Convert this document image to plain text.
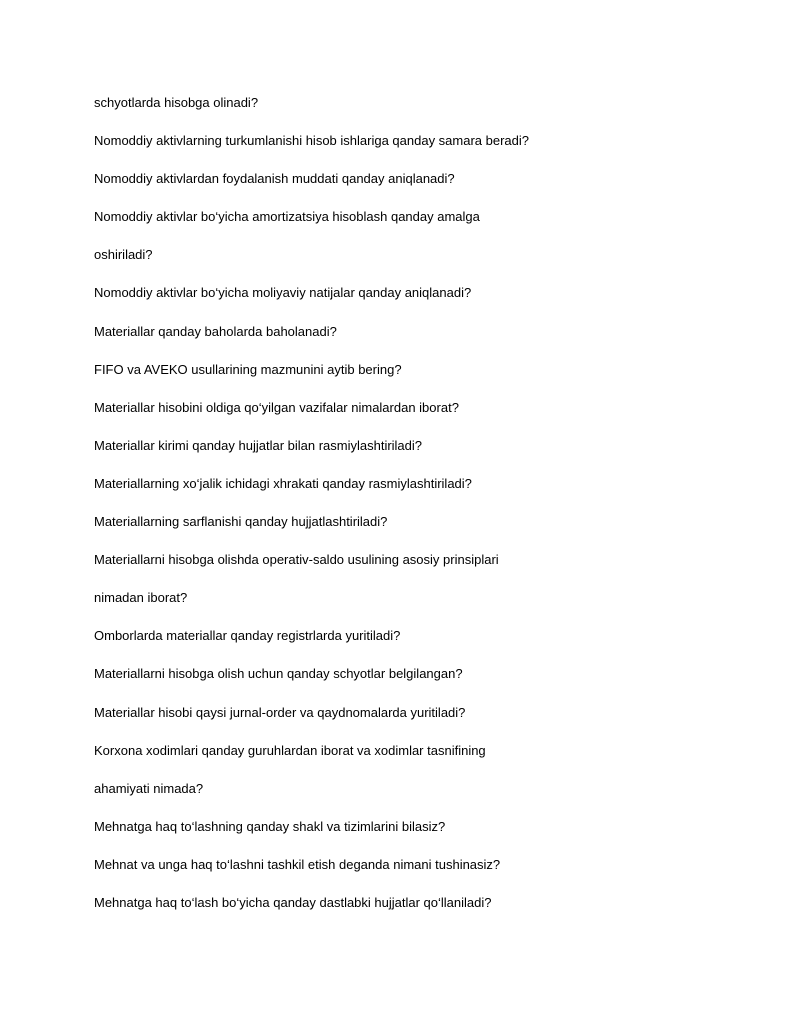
schyotlarda hisobga olinadi?
Nomoddiy aktivlarning turkumlanishi hisob ishlariga qanday samara beradi?
Nomoddiy aktivlardan foydalanish muddati qanday aniqlanadi?
Nomoddiy aktivlar bo‘yicha amortizatsiya hisoblash qanday amalga
oshiriladi?
Nomoddiy aktivlar bo‘yicha moliyaviy natijalar qanday aniqlanadi?
Materiallar qanday baholarda baholanadi?
FIFO va AVEKO usullarining mazmunini aytib bering?
Materiallar hisobini oldiga qo‘yilgan vazifalar nimalardan iborat?
Materiallar kirimi qanday hujjatlar bilan rasmiylashtiriladi?
Materiallarning xo‘jalik ichidagi xhrakati qanday rasmiylashtiriladi?
Materiallarning sarflanishi qanday hujjatlashtiriladi?
Materiallarni hisobga olishda operativ-saldo usulining asosiy prinsiplari
nimadan iborat?
Omborlarda materiallar qanday registrlarda yuritiladi?
Materiallarni hisobga olish uchun qanday schyotlar belgilangan?
Materiallar hisobi qaysi jurnal-order va qaydnomalarda yuritiladi?
Korxona xodimlari qanday guruhlardan iborat va xodimlar tasnifining
ahamiyati nimada?
Mehnatga haq to‘lashning qanday shakl va tizimlarini bilasiz?
Mehnat va unga haq to‘lashni tashkil etish deganda nimani tushinasiz?
Mehnatga haq to‘lash bo‘yicha qanday dastlabki hujjatlar qo‘llaniladi?
